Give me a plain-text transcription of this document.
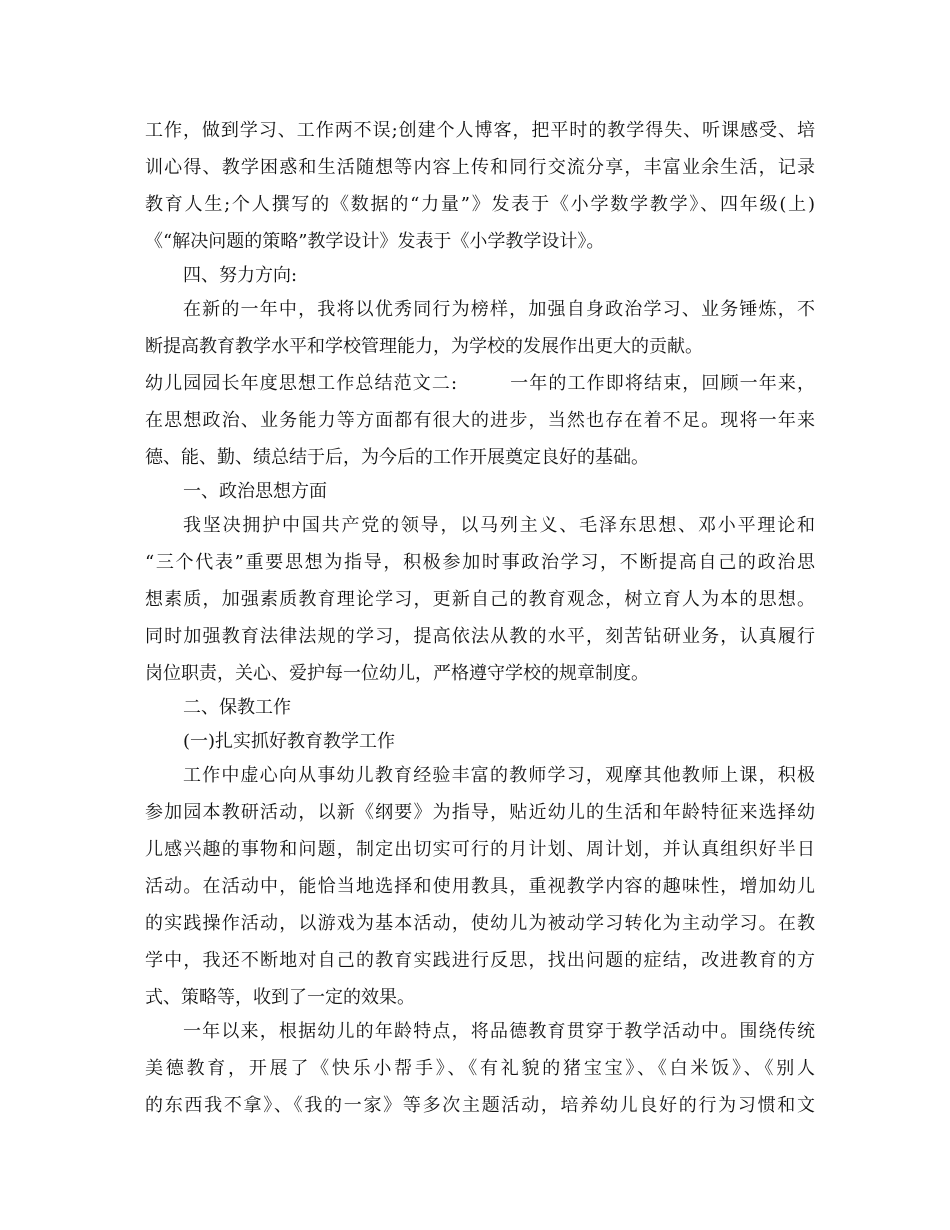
工作，做到学习、工作两不误;创建个人博客，把平时的教学得失、听课感受、培
训心得、教学困惑和生活随想等内容上传和同行交流分享，丰富业余生活，记录
教育人生;个人撰写的《数据的“力量”》发表于《小学数学教学》、四年级(上)
《“解决问题的策略”教学设计》发表于《小学教学设计》。
四、努力方向:
在新的一年中，我将以优秀同行为榜样，加强自身政治学习、业务锤炼，不
断提高教育教学水平和学校管理能力，为学校的发展作出更大的贡献。
幼儿园园长年度思想工作总结范文二:	一年的工作即将结束，回顾一年来，
在思想政治、业务能力等方面都有很大的进步，当然也存在着不足。现将一年来
德、能、勤、绩总结于后，为今后的工作开展奠定良好的基础。
一、政治思想方面
我坚决拥护中国共产党的领导，以马列主义、毛泽东思想、邓小平理论和
“三个代表”重要思想为指导，积极参加时事政治学习，不断提高自己的政治思
想素质，加强素质教育理论学习，更新自己的教育观念，树立育人为本的思想。
同时加强教育法律法规的学习，提高依法从教的水平，刻苦钻研业务，认真履行
岗位职责，关心、爱护每一位幼儿，严格遵守学校的规章制度。
二、保教工作
(一)扎实抓好教育教学工作
工作中虚心向从事幼儿教育经验丰富的教师学习，观摩其他教师上课，积极
参加园本教研活动，以新《纲要》为指导，贴近幼儿的生活和年龄特征来选择幼
儿感兴趣的事物和问题，制定出切实可行的月计划、周计划，并认真组织好半日
活动。在活动中，能恰当地选择和使用教具，重视教学内容的趣味性，增加幼儿
的实践操作活动，以游戏为基本活动，使幼儿为被动学习转化为主动学习。在教
学中，我还不断地对自己的教育实践进行反思，找出问题的症结，改进教育的方
式、策略等，收到了一定的效果。
一年以来，根据幼儿的年龄特点，将品德教育贯穿于教学活动中。围绕传统
美德教育，开展了《快乐小帮手》、《有礼貌的猪宝宝》、《白米饭》、《别人
的东西我不拿》、《我的一家》等多次主题活动，培养幼儿良好的行为习惯和文
